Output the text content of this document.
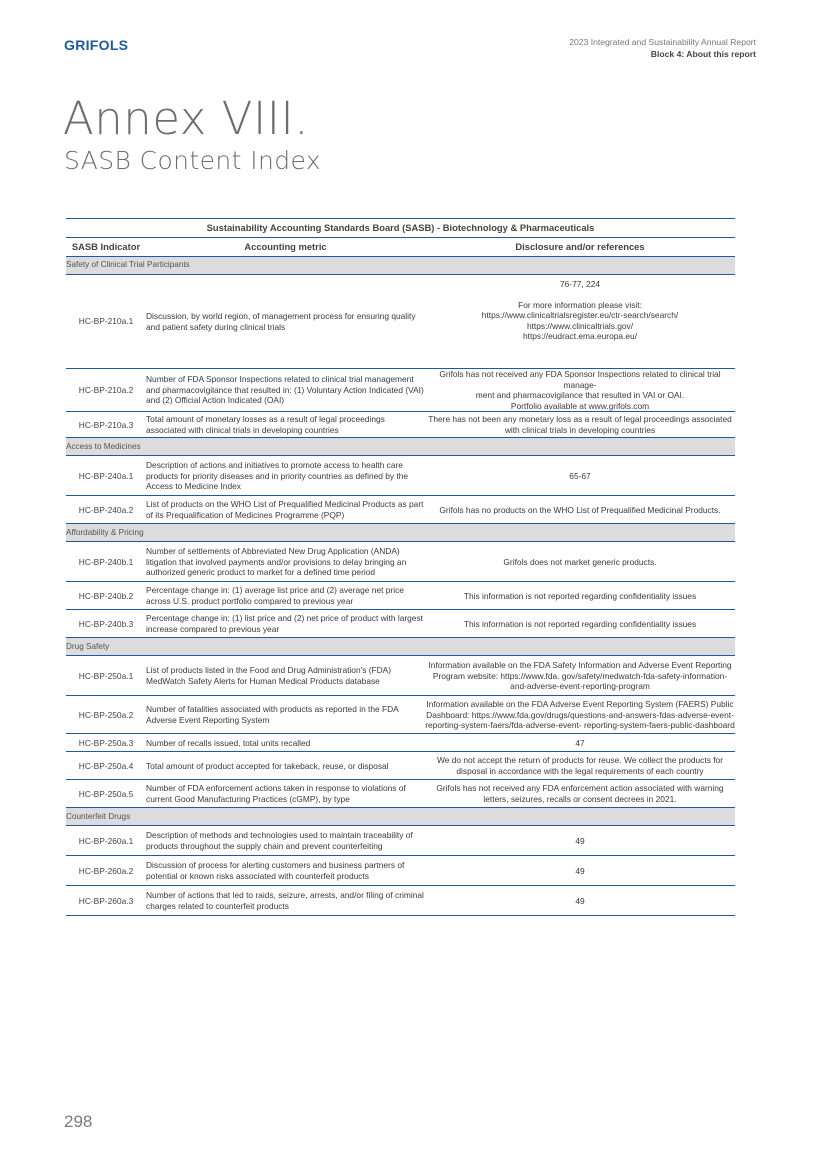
GRIFOLS	2023 Integrated and Sustainability Annual Report
Block 4: About this report
Annex VIII.
SASB Content Index
Sustainability Accounting Standards Board (SASB) - Biotechnology & Pharmaceuticals		
SASB Indicator	Accounting metric	Disclosure and/or references
Safety of Clinical Trial Participants		
HC-BP-210a.1	Discussion, by world region, of management process for ensuring quality and patient safety during clinical trials	76-77, 224
For more information please visit:
https://www.clinicaltrialsregister.eu/ctr-search/search/
https://www.clinicaltrials.gov/
https://eudract.ema.europa.eu/

HC-BP-210a.2	Number of FDA Sponsor Inspections related to clinical trial management and pharmacovigilance that resulted in: (1) Voluntary Action Indicated (VAI) and (2) Official Action Indicated (OAI)	Grifols has not received any FDA Sponsor Inspections related to clinical trial manage-
ment and pharmacovigilance that resulted in VAI or OAI.
Portfolio available at www.grifols.com

HC-BP-210a.3	Total amount of monetary losses as a result of legal proceedings associated with clinical trials in developing countries	There has not been any monetary loss as a result of legal proceedings associated with clinical trials in developing countries
Access to Medicines		
HC-BP-240a.1	Description of actions and initiatives to promote access to health care products for priority diseases and in priority countries as defined by the Access to Medicine Index	65-67
HC-BP-240a.2	List of products on the WHO List of Prequalified Medicinal Products as part of its Prequalification of Medicines Programme (PQP)	Grifols has no products on the WHO List of Prequalified Medicinal Products.
Affordability & Pricing		
HC-BP-240b.1	Number of settlements of Abbreviated New Drug Application (ANDA) litigation that involved payments and/or provisions to delay bringing an authorized generic product to market for a defined time period	Grifols does not market generic products.
HC-BP-240b.2	Percentage change in: (1) average list price and (2) average net price across U.S. product portfolio compared to previous year	This information is not reported regarding confidentiality issues
HC-BP-240b.3	Percentage change in: (1) list price and (2) net price of product with largest increase compared to previous year	This information is not reported regarding confidentiality issues
Drug Safety		
HC-BP-250a.1	List of products listed in the Food and Drug Administration's (FDA) MedWatch Safety Alerts for Human Medical Products database	Information available on the FDA Safety Information and Adverse Event Reporting Program website: https://www.fda. gov/safety/medwatch-fda-safety-information-and-adverse-event-reporting-program
HC-BP-250a.2	Number of fatalities associated with products as reported in the FDA Adverse Event Reporting System	Information available on the FDA Adverse Event Reporting System (FAERS) Public Dashboard: https://www.fda.gov/drugs/questions-and-answers-fdas-adverse-event-reporting-system-faers/fda-adverse-event- reporting-system-faers-public-dashboard
HC-BP-250a.3	Number of recalls issued, total units recalled	47
HC-BP-250a.4	Total amount of product accepted for takeback, reuse, or disposal	We do not accept the return of products for reuse. We collect the products for disposal in accordance with the legal requirements of each country
HC-BP-250a.5	Number of FDA enforcement actions taken in response to violations of current Good Manufacturing Practices (cGMP), by type	Grifols has not received any FDA enforcement action associated with warning letters, seizures, recalls or consent decrees in 2021.
Counterfeit Drugs		
HC-BP-260a.1	Description of methods and technologies used to maintain traceability of products throughout the supply chain and prevent counterfeiting	49
HC-BP-260a.2	Discussion of process for alerting customers and business partners of potential or known risks associated with counterfeit products	49
HC-BP-260a.3	Number of actions that led to raids, seizure, arrests, and/or filing of criminal charges related to counterfeit products	49
298
